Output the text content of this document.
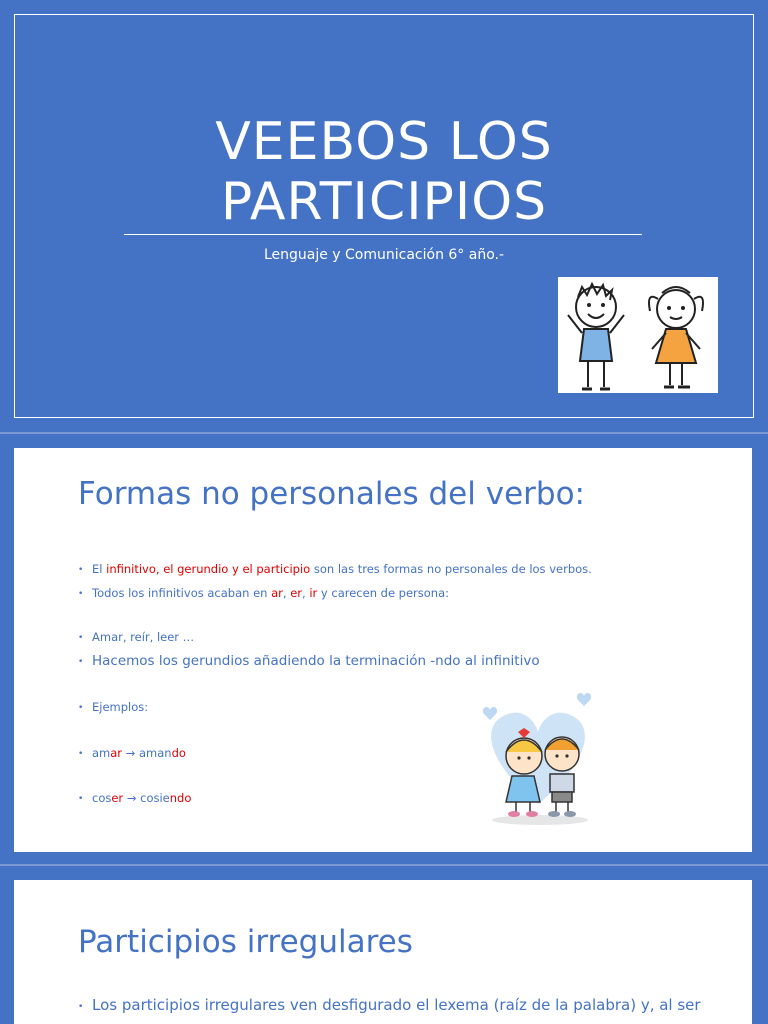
VEEBOS LOS
PARTICIPIOS
Lenguaje y Comunicación 6° año.-
Formas no personales del verbo:
• El infinitivo, el gerundio y el participio son las tres formas no personales de los verbos.
• Todos los infinitivos acaban en ar, er, ir y carecen de persona:
• Amar, reír, leer …
• Hacemos los gerundios añadiendo la terminación -ndo al infinitivo
• Ejemplos:
• amar → amando
• coser → cosiendo
Participios irregulares
• Los participios irregulares ven desfigurado el lexema (raíz de la palabra) y, al ser
